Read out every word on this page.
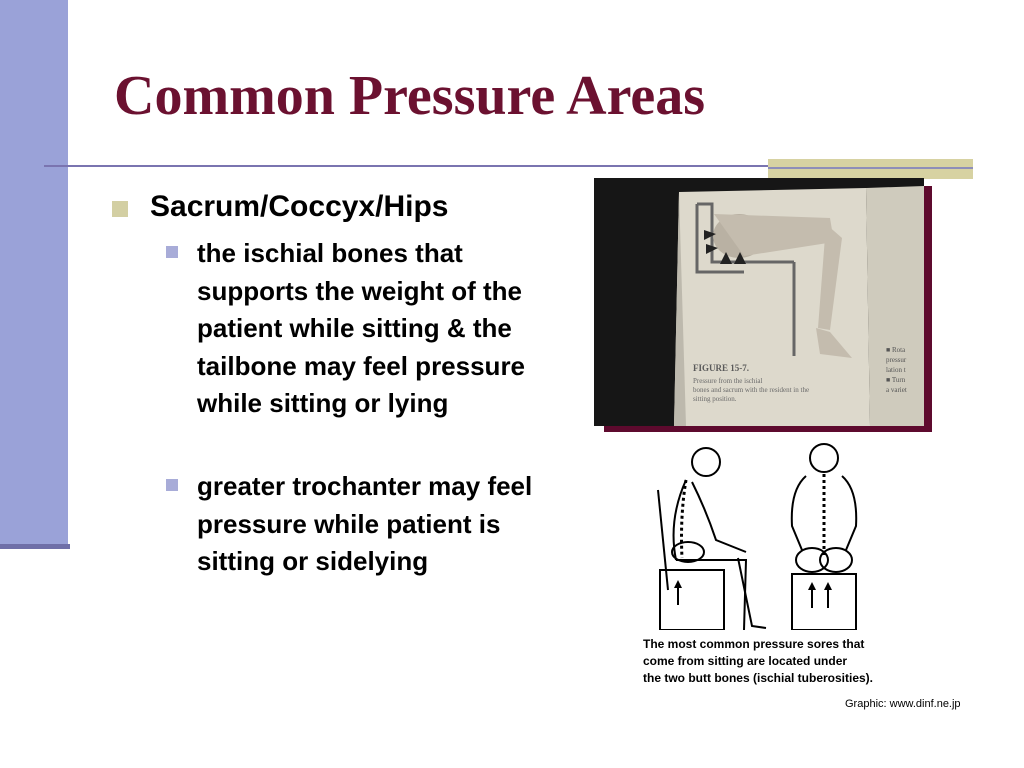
Common Pressure Areas
Sacrum/Coccyx/Hips
the ischial bones that supports the weight of the patient while sitting & the tailbone may feel pressure while sitting or lying
greater trochanter may feel pressure while patient is sitting or sidelying
FIGURE 15-7.
Pressure from the ischial bones and sacrum with the resident in the sitting position.
■ Rota pressur lation t ■ Turn a variet
The most common pressure sores that
come from sitting are located under
the two butt bones (ischial tuberosities).
Graphic: www.dinf.ne.jp
